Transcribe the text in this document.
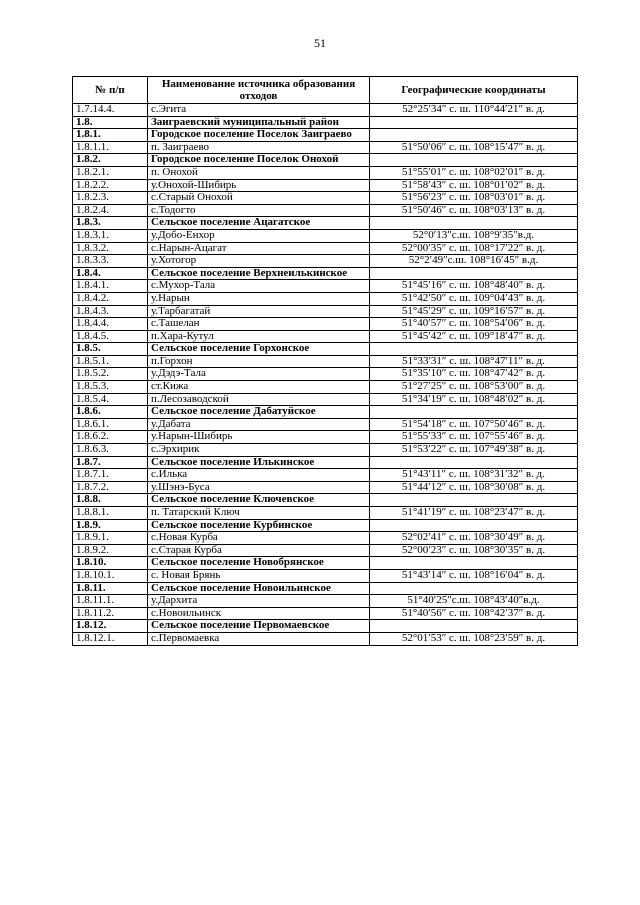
51
№ п/п	Наименование источника образования отходов	Географические координаты
1.7.14.4.	с.Эгита	52°25′34″ с. ш. 110°44′21″ в. д.
1.8.	Заиграевский муниципальный район	
1.8.1.	Городское поселение Поселок Заиграево	
1.8.1.1.	п. Заиграево	51°50′06″ с. ш. 108°15′47″ в. д.
1.8.2.	Городское поселение Поселок Онохой	
1.8.2.1.	п. Онохой	51°55′01″ с. ш. 108°02′01″ в. д.
1.8.2.2.	у.Онохой-Шибирь	51°58′43″ с. ш. 108°01′02″ в. д.
1.8.2.3.	с.Старый Онохой	51°56′23″ с. ш. 108°03′01″ в. д.
1.8.2.4.	с.Тодогто	51°50′46″ с. ш. 108°03′13″ в. д.
1.8.3.	Сельское поселение Ацагатское	
1.8.3.1.	у.Добо-Енхор	52°0′13″с.ш. 108°9′35″в.д.
1.8.3.2.	с.Нарын-Ацагат	52°00′35″ с. ш. 108°17′22″ в. д.
1.8.3.3.	у.Хотогор	52°2′49″с.ш. 108°16′45″ в.д.
1.8.4.	Сельское поселение Верхнеилькинское	
1.8.4.1.	с.Мухор-Тала	51°45′16″ с. ш. 108°48′40″ в. д.
1.8.4.2.	у.Нарын	51°42′50″ с. ш. 109°04′43″ в. д.
1.8.4.3.	у.Тарбагатай	51°45′29″ с. ш. 109°16′57″ в. д.
1.8.4.4.	с.Ташелан	51°40′57″ с. ш. 108°54′06″ в. д.
1.8.4.5.	п.Хара-Кутул	51°45′42″ с. ш. 109°18′47″ в. д.
1.8.5.	Сельское поселение Горхонское	
1.8.5.1.	п.Горхон	51°33′31″ с. ш. 108°47′11″ в. д.
1.8.5.2.	у.Дэдэ-Тала	51°35′10″ с. ш. 108°47′42″ в. д.
1.8.5.3.	ст.Кижа	51°27′25″ с. ш. 108°53′00″ в. д.
1.8.5.4.	п.Лесозаводской	51°34′19″ с. ш. 108°48′02″ в. д.
1.8.6.	Сельское поселение Дабатуйское	
1.8.6.1.	у.Дабата	51°54′18″ с. ш. 107°50′46″ в. д.
1.8.6.2.	у.Нарын-Шибирь	51°55′33″ с. ш. 107°55′46″ в. д.
1.8.6.3.	с.Эрхирик	51°53′22″ с. ш. 107°49′38″ в. д.
1.8.7.	Сельское поселение Илькинское	
1.8.7.1.	с.Илька	51°43′11″ с. ш. 108°31′32″ в. д.
1.8.7.2.	у.Шэнэ-Буса	51°44′12″ с. ш. 108°30′08″ в. д.
1.8.8.	Сельское поселение Ключевское	
1.8.8.1.	п. Татарский Ключ	51°41′19″ с. ш. 108°23′47″ в. д.
1.8.9.	Сельское поселение Курбинское	
1.8.9.1.	с.Новая Курба	52°02′41″ с. ш. 108°30′49″ в. д.
1.8.9.2.	с.Старая Курба	52°00′23″ с. ш. 108°30′35″ в. д.
1.8.10.	Сельское поселение Новобрянское	
1.8.10.1.	с. Новая Брянь	51°43′14″ с. ш. 108°16′04″ в. д.
1.8.11.	Сельское поселение Новоильинское	
1.8.11.1.	у.Дархита	51°40′25″с.ш. 108°43′40″в.д.
1.8.11.2.	с.Новоильинск	51°40′56″ с. ш. 108°42′37″ в. д.
1.8.12.	Сельское поселение Первомаевское	
1.8.12.1.	с.Первомаевка	52°01′53″ с. ш. 108°23′59″ в. д.
